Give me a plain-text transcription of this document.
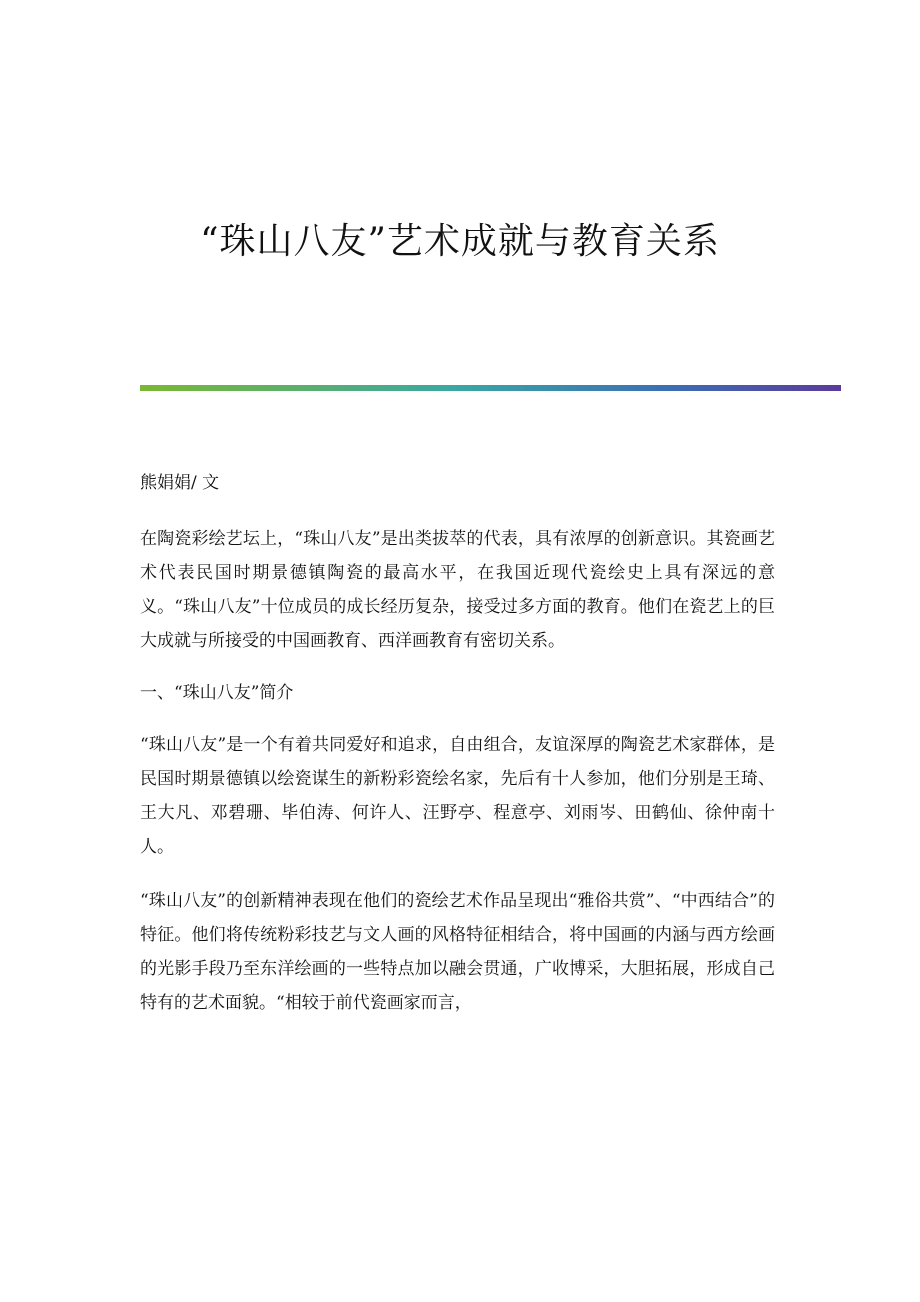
“珠山八友”艺术成就与教育关系

熊娟娟/ 文

在陶瓷彩绘艺坛上，“珠山八友”是出类拔萃的代表，具有浓厚的创新意识。其瓷画艺术代表民国时期景德镇陶瓷的最高水平，在我国近现代瓷绘史上具有深远的意义。“珠山八友”十位成员的成长经历复杂，接受过多方面的教育。他们在瓷艺上的巨大成就与所接受的中国画教育、西洋画教育有密切关系。

一、“珠山八友”简介

“珠山八友”是一个有着共同爱好和追求，自由组合，友谊深厚的陶瓷艺术家群体，是民国时期景德镇以绘瓷谋生的新粉彩瓷绘名家，先后有十人参加，他们分别是王琦、王大凡、邓碧珊、毕伯涛、何许人、汪野亭、程意亭、刘雨岑、田鹤仙、徐仲南十人。

“珠山八友”的创新精神表现在他们的瓷绘艺术作品呈现出“雅俗共赏”、“中西结合”的特征。他们将传统粉彩技艺与文人画的风格特征相结合，将中国画的内涵与西方绘画的光影手段乃至东洋绘画的一些特点加以融会贯通，广收博采，大胆拓展，形成自己特有的艺术面貌。“相较于前代瓷画家而言，
